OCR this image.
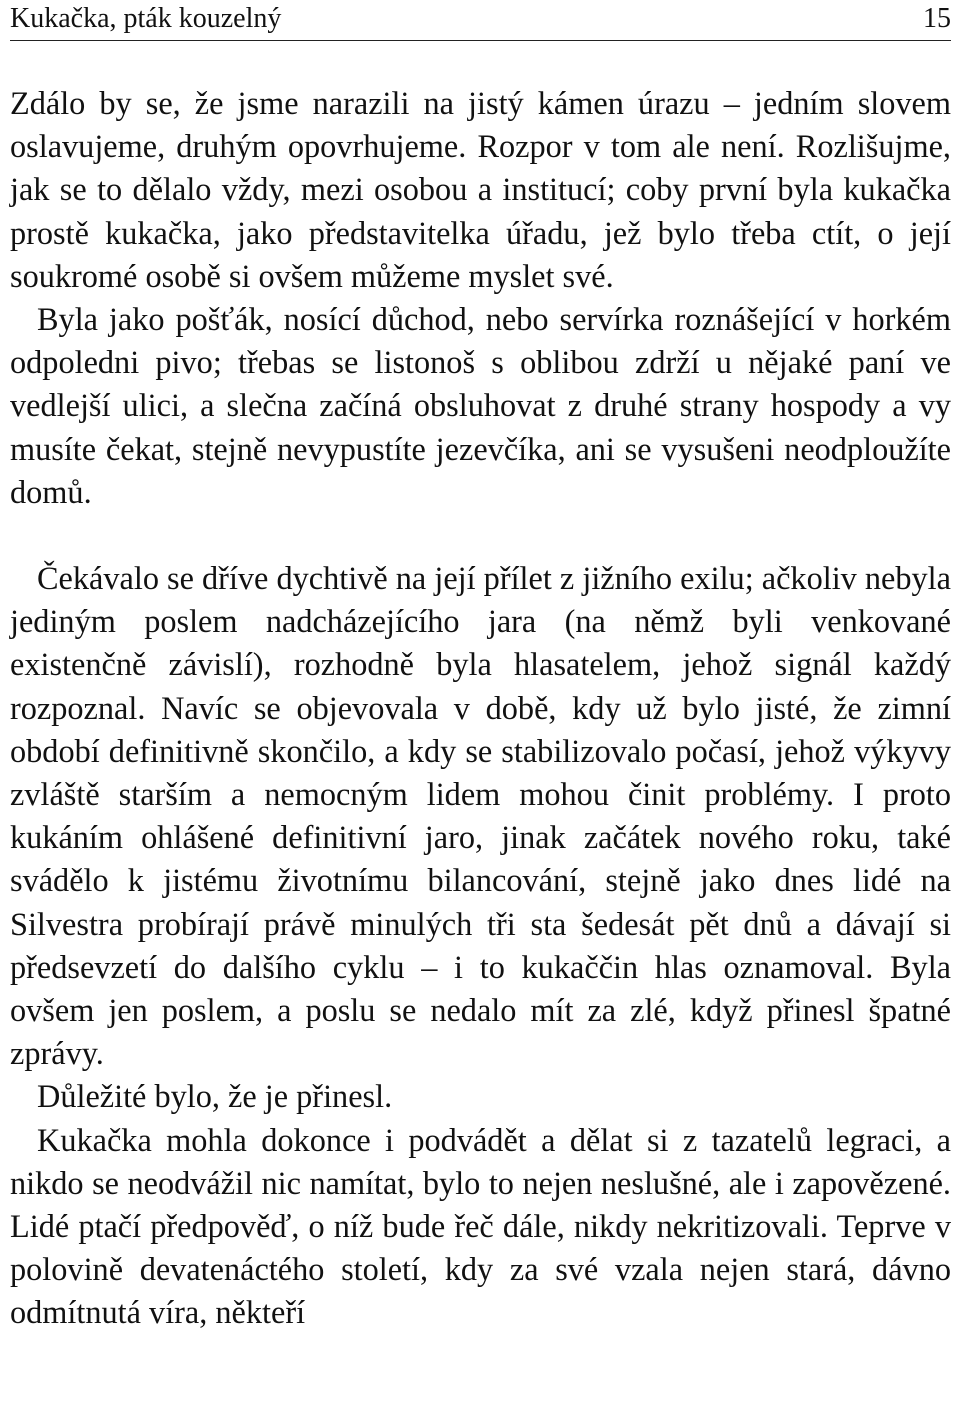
Kukačka, pták kouzelný	15

Zdálo by se, že jsme narazili na jistý kámen úrazu – jedním slovem oslavujeme, druhým opovrhujeme. Rozpor v tom ale není. Rozlišujme, jak se to dělalo vždy, mezi osobou a institucí; coby první byla kukačka prostě kukačka, jako představitelka úřadu, jež bylo třeba ctít, o její soukromé osobě si ovšem můžeme myslet své.

Byla jako pošťák, nosící důchod, nebo servírka roznášející v horkém odpoledni pivo; třebas se listonoš s oblibou zdrží u nějaké paní ve vedlejší ulici, a slečna začíná obsluhovat z druhé strany hospody a vy musíte čekat, stejně nevypustíte jezevčíka, ani se vysušeni neodploužíte domů.

Čekávalo se dříve dychtivě na její přílet z jižního exilu; ačkoliv nebyla jediným poslem nadcházejícího jara (na němž byli venkované existenčně závislí), rozhodně byla hlasatelem, jehož signál každý rozpoznal. Navíc se objevovala v době, kdy už bylo jisté, že zimní období definitivně skončilo, a kdy se stabilizovalo počasí, jehož výkyvy zvláště starším a nemocným lidem mohou činit problémy. I proto kukáním ohlášené definitivní jaro, jinak začátek nového roku, také svádělo k jistému životnímu bilancování, stejně jako dnes lidé na Silvestra probírají právě minulých tři sta šedesát pět dnů a dávají si předsevzetí do dalšího cyklu – i to kukaččin hlas oznamoval. Byla ovšem jen poslem, a poslu se nedalo mít za zlé, když přinesl špatné zprávy.

Důležité bylo, že je přinesl.

Kukačka mohla dokonce i podvádět a dělat si z tazatelů legraci, a nikdo se neodvážil nic namítat, bylo to nejen neslušné, ale i zapovězené. Lidé ptačí předpověď, o níž bude řeč dále, nikdy nekritizovali. Teprve v polovině devatenáctého století, kdy za své vzala nejen stará, dávno odmítnutá víra, někteří
